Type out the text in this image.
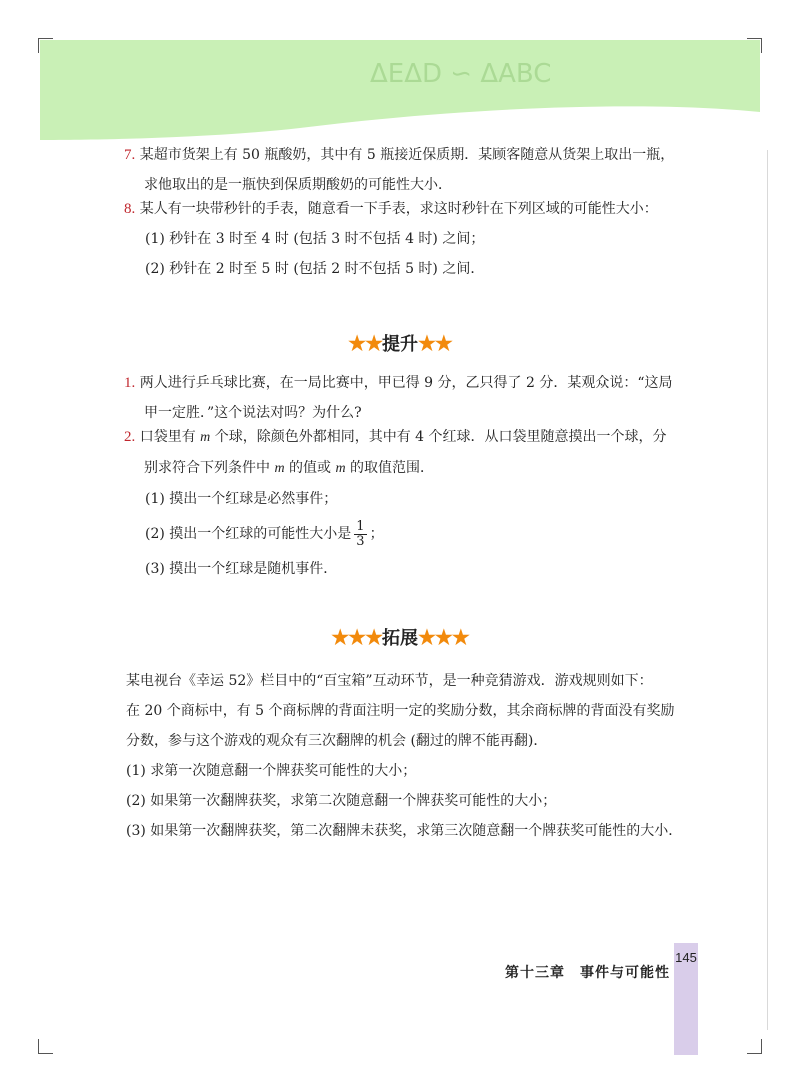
ΔEΔD ∽ ΔABC
7. 某超市货架上有 50 瓶酸奶，其中有 5 瓶接近保质期．某顾客随意从货架上取出一瓶，
求他取出的是一瓶快到保质期酸奶的可能性大小．
8. 某人有一块带秒针的手表，随意看一下手表，求这时秒针在下列区域的可能性大小：
(1) 秒针在 3 时至 4 时 (包括 3 时不包括 4 时) 之间；
(2) 秒针在 2 时至 5 时 (包括 2 时不包括 5 时) 之间．
★★提升★★
1. 两人进行乒乓球比赛，在一局比赛中，甲已得 9 分，乙只得了 2 分．某观众说：“这局
甲一定胜．”这个说法对吗？为什么?
2. 口袋里有 m 个球，除颜色外都相同，其中有 4 个红球．从口袋里随意摸出一个球，分
别求符合下列条件中 m 的值或 m 的取值范围．
(1) 摸出一个红球是必然事件；
(2) 摸出一个红球的可能性大小是 $\frac{1}{3}$ ；
(3) 摸出一个红球是随机事件．
★★★拓展★★★
某电视台《幸运 52》栏目中的“百宝箱”互动环节，是一种竞猜游戏．游戏规则如下：
在 20 个商标中，有 5 个商标牌的背面注明一定的奖励分数，其余商标牌的背面没有奖励
分数，参与这个游戏的观众有三次翻牌的机会 (翻过的牌不能再翻)．
(1) 求第一次随意翻一个牌获奖可能性的大小；
(2) 如果第一次翻牌获奖，求第二次随意翻一个牌获奖可能性的大小；
(3) 如果第一次翻牌获奖，第二次翻牌未获奖，求第三次随意翻一个牌获奖可能性的大小．
第十三章　事件与可能性
145
